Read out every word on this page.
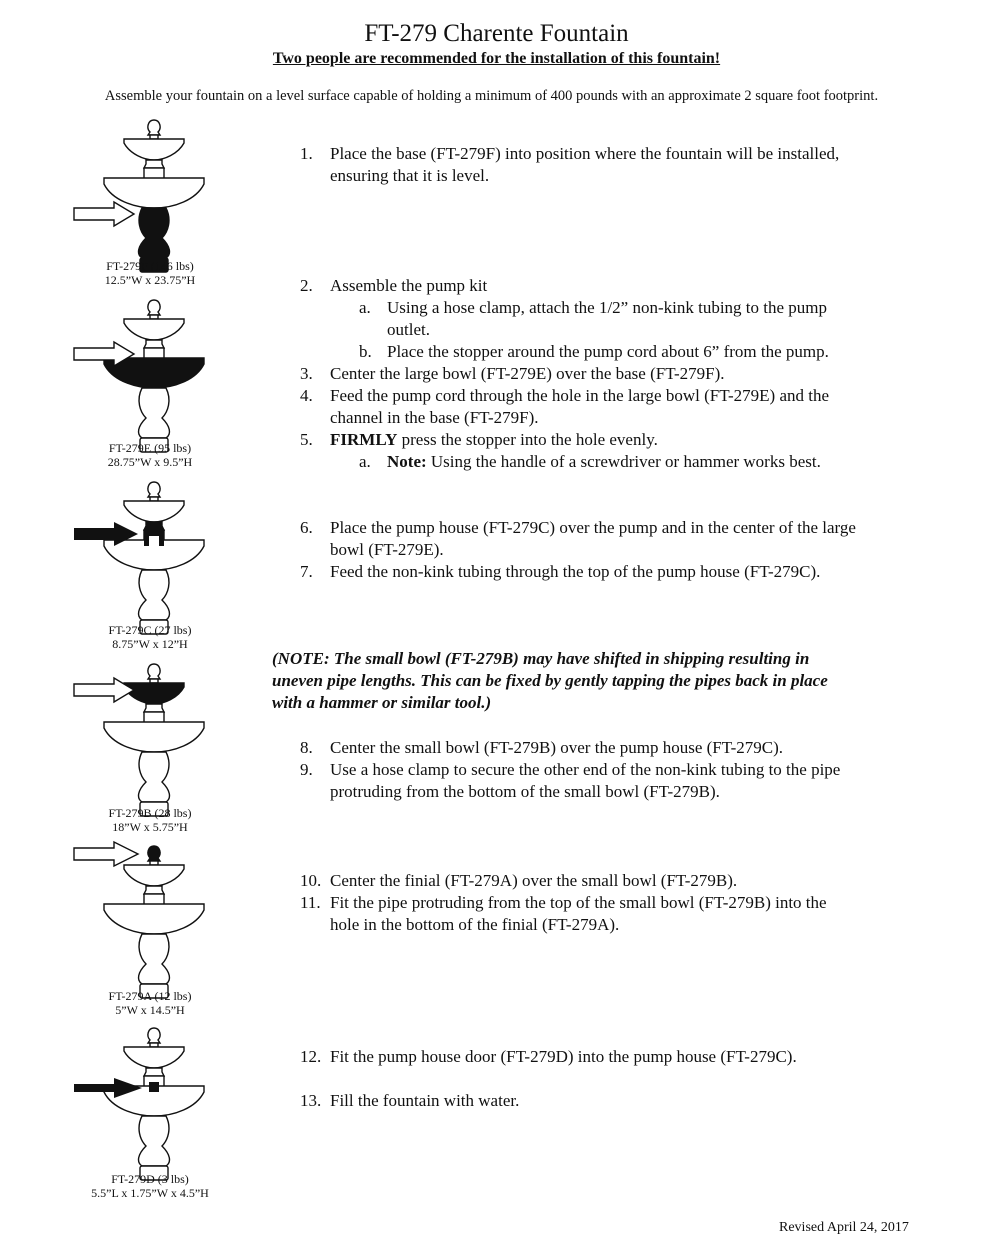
FT-279 Charente Fountain
Two people are recommended for the installation of this fountain!
Assemble your fountain on a level surface capable of holding a minimum of 400 pounds with an approximate 2 square foot footprint.
FT-279F (146 lbs)
12.5”W x 23.75”H
FT-279E (95 lbs)
28.75”W x 9.5”H
FT-279C (27 lbs)
8.75”W x 12”H
FT-279B (28 lbs)
18”W x 5.75”H
FT-279A (12 lbs)
5”W x 14.5”H
FT-279D (3 lbs)
5.5”L x 1.75”W x 4.5”H
1. Place the base (FT-279F) into position where the fountain will be installed,
ensuring that it is level.
2. Assemble the pump kit
a. Using a hose clamp, attach the 1/2” non-kink tubing to the pump
outlet.
b. Place the stopper around the pump cord about 6” from the pump.
3. Center the large bowl (FT-279E) over the base (FT-279F).
4. Feed the pump cord through the hole in the large bowl (FT-279E) and the
channel in the base (FT-279F).
5. FIRMLY press the stopper into the hole evenly.
a. Note: Using the handle of a screwdriver or hammer works best.
6. Place the pump house (FT-279C) over the pump and in the center of the large
bowl (FT-279E).
7. Feed the non-kink tubing through the top of the pump house (FT-279C).
(NOTE: The small bowl (FT-279B) may have shifted in shipping resulting in
uneven pipe lengths. This can be fixed by gently tapping the pipes back in place
with a hammer or similar tool.)
8. Center the small bowl (FT-279B) over the pump house (FT-279C).
9. Use a hose clamp to secure the other end of the non-kink tubing to the pipe
protruding from the bottom of the small bowl (FT-279B).
10. Center the finial (FT-279A) over the small bowl (FT-279B).
11. Fit the pipe protruding from the top of the small bowl (FT-279B) into the
hole in the bottom of the finial (FT-279A).
12. Fit the pump house door (FT-279D) into the pump house (FT-279C).
13. Fill the fountain with water.
Revised April 24, 2017
